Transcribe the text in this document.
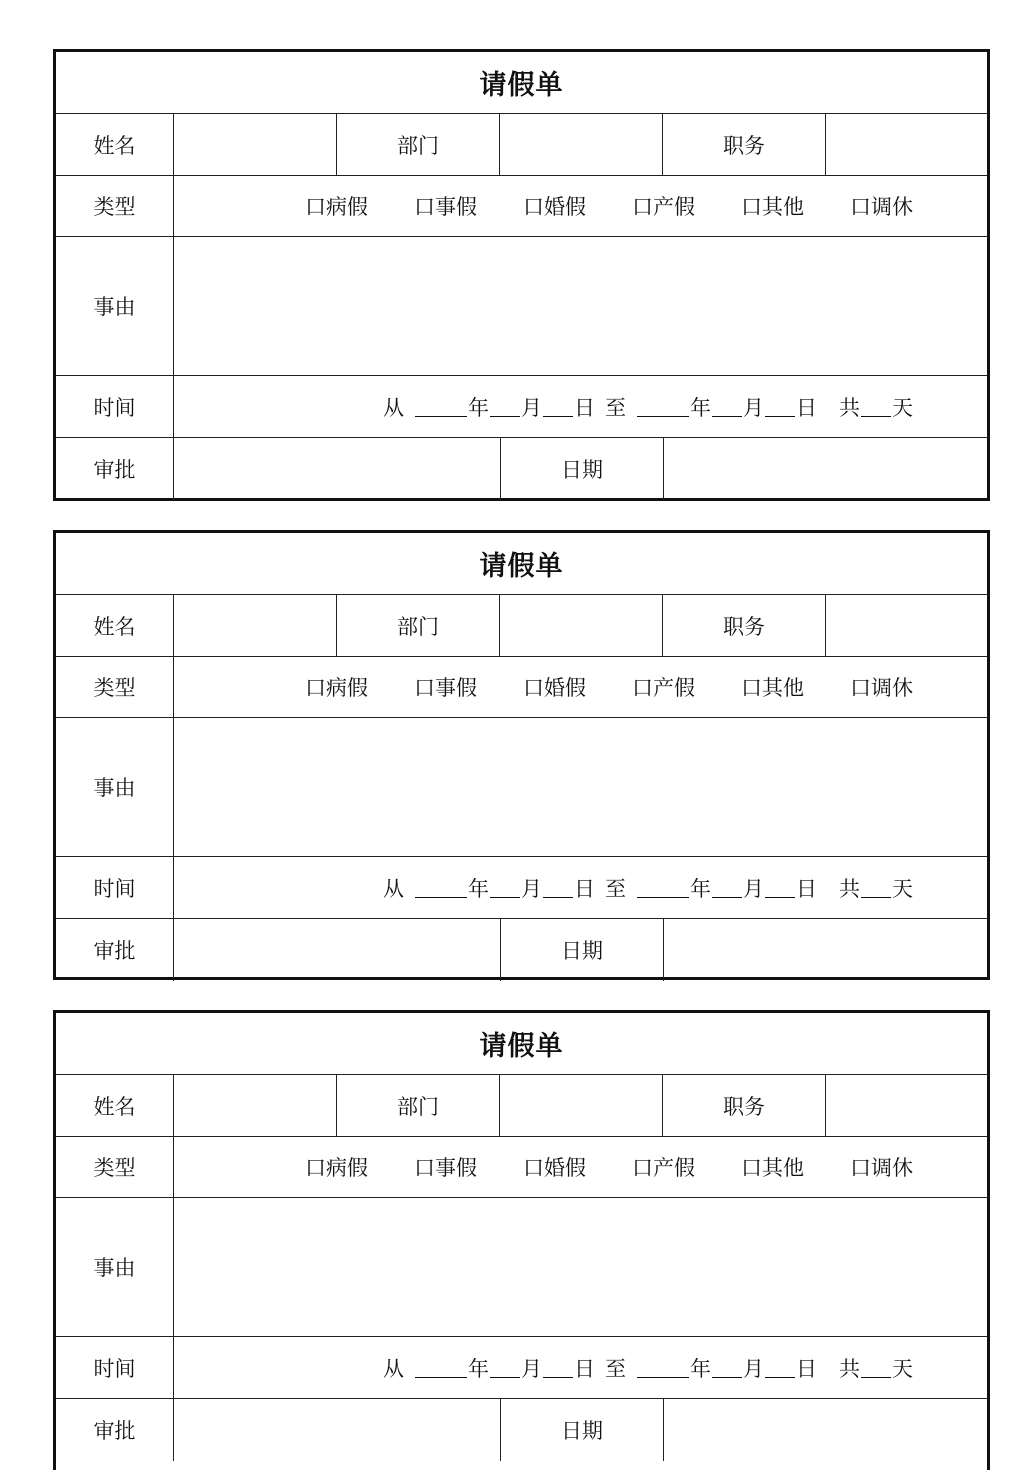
请假单
姓名	部门	职务
类型	口病假	口事假	口婚假	口产假	口其他	口调休
事由
时间	从	年 月 日 至	年 月 日 共 天
审批	日期
请假单
姓名	部门	职务
类型	口病假	口事假	口婚假	口产假	口其他	口调休
事由
时间	从	年 月 日 至	年 月 日 共 天
审批	日期
请假单
姓名	部门	职务
类型	口病假	口事假	口婚假	口产假	口其他	口调休
事由
时间	从	年 月 日 至	年 月 日 共 天
审批	日期
